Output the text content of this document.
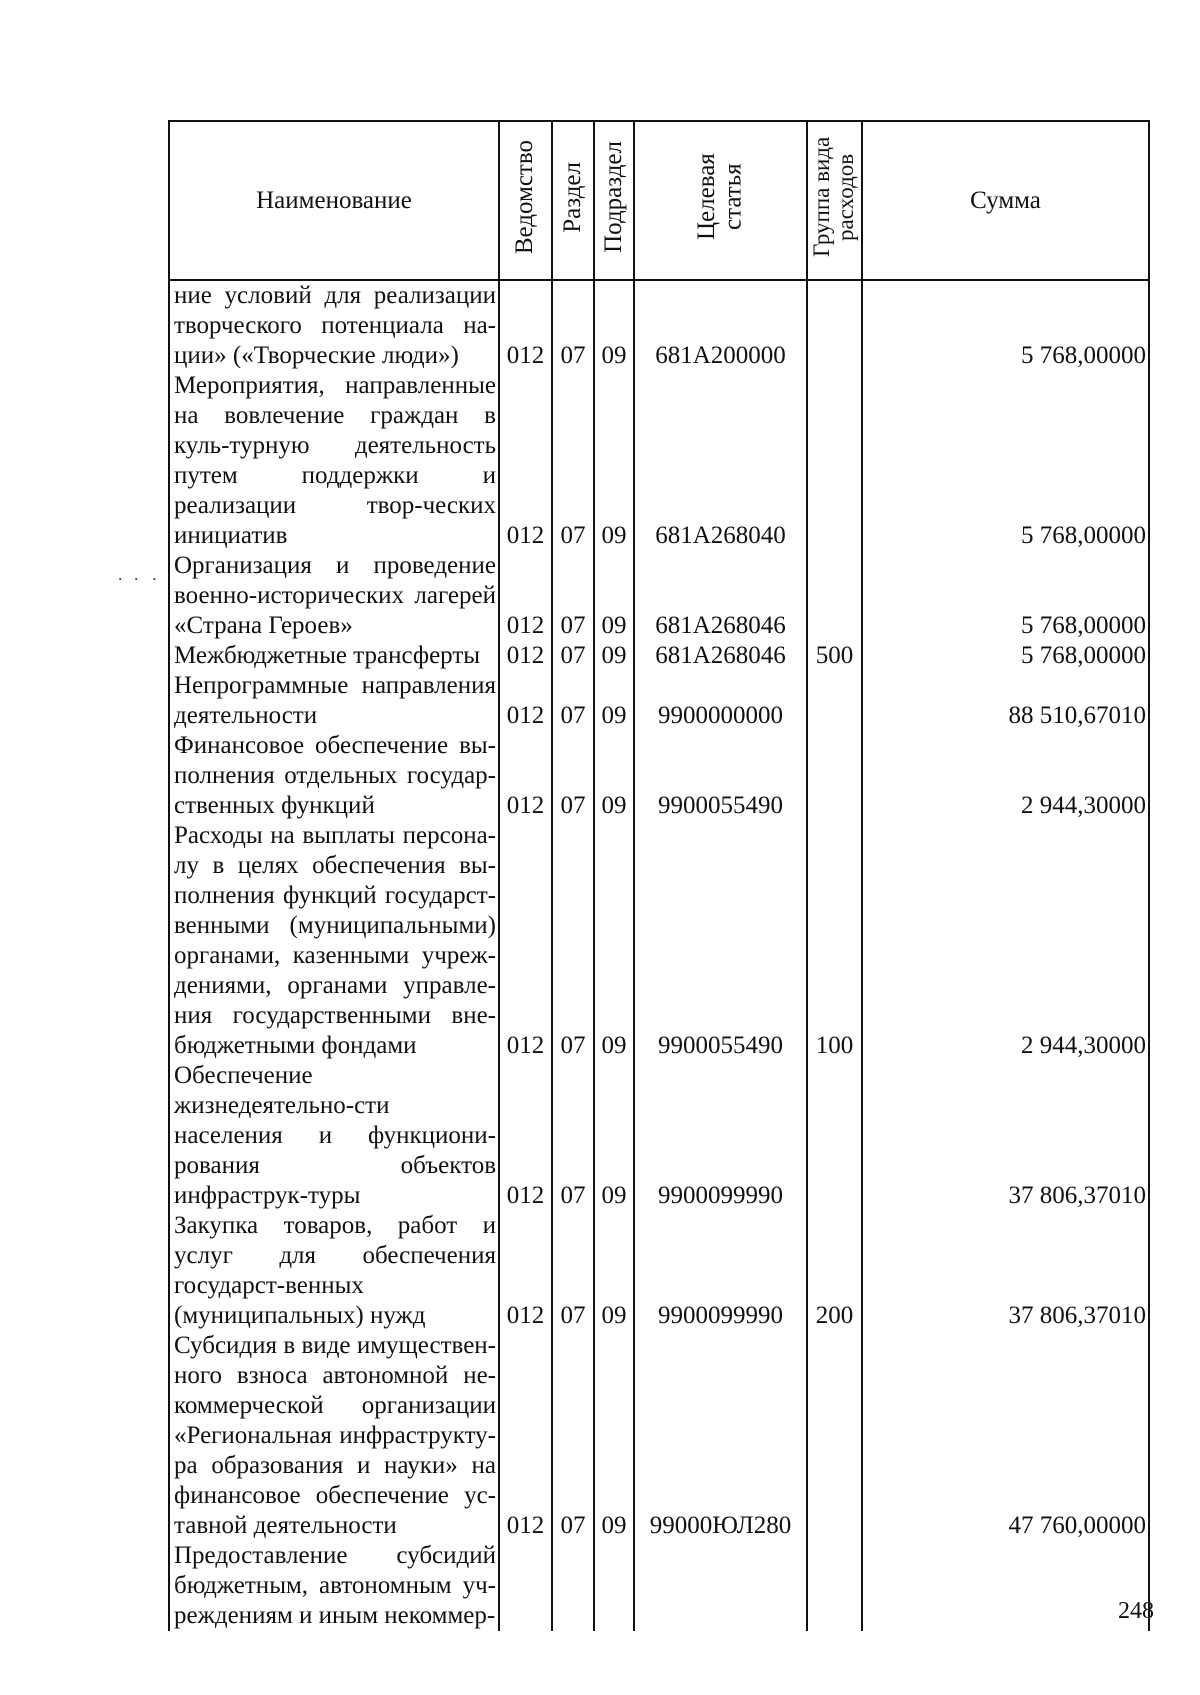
. . .
Наименование	Ведомство	Раздел	Подраздел	Целевая статья	Группа вида расходов	Сумма
ние условий для реализации творческого потенциала на-ции» («Творческие люди»)	012	07	09	681A200000		5 768,00000
Мероприятия, направленные на вовлечение граждан в куль-турную деятельность путем поддержки и реализации твор-ческих инициатив	012	07	09	681A268040		5 768,00000
Организация и проведение военно-исторических лагерей «Страна Героев»	012	07	09	681A268046		5 768,00000
Межбюджетные трансферты	012	07	09	681A268046	500	5 768,00000
Непрограммные направления деятельности	012	07	09	9900000000		88 510,67010
Финансовое обеспечение вы-полнения отдельных государ-ственных функций	012	07	09	9900055490		2 944,30000
Расходы на выплаты персона-лу в целях обеспечения вы-полнения функций государст-венными (муниципальными) органами, казенными учреж-дениями, органами управле-ния государственными вне-бюджетными фондами	012	07	09	9900055490	100	2 944,30000
Обеспечение жизнедеятельно-сти населения и функциони-рования объектов инфраструк-туры	012	07	09	9900099990		37 806,37010
Закупка товаров, работ и услуг для обеспечения государст-венных (муниципальных) нужд	012	07	09	9900099990	200	37 806,37010
Субсидия в виде имуществен-ного взноса автономной не-коммерческой организации «Региональная инфраструкту-ра образования и науки» на финансовое обеспечение ус-тавной деятельности	012	07	09	99000ЮЛ280		47 760,00000
Предоставление субсидий бюджетным, автономным уч-реждениям и иным некоммер-							248
